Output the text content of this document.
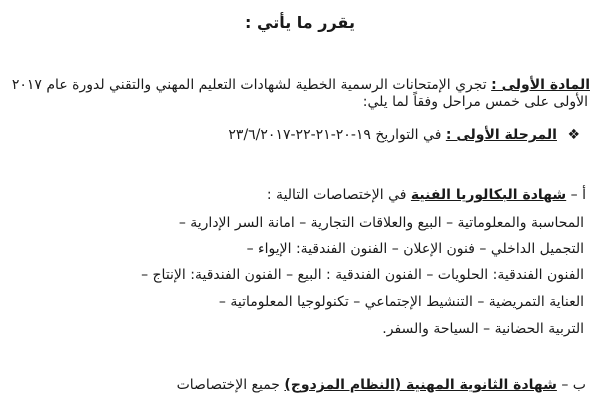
يقرر ما يأتي :
المادة الأولى : تجري الإمتحانات الرسمية الخطية لشهادات التعليم المهني والتقني لدورة عام ٢٠١٧
الأولى على خمس مراحل وفقاً لما يلي:
❖ المرحلة الأولى : في التواريخ ١٩-٢٠-٢١-٢٢-٢٣/٦/٢٠١٧
أ – شهادة البكالوريا الفنية في الإختصاصات التالية :
المحاسبة والمعلوماتية – البيع والعلاقات التجارية – امانة السر الإدارية –
التجميل الداخلي – فنون الإعلان – الفنون الفندقية: الإيواء –
الفنون الفندقية: الحلويات – الفنون الفندقية : البيع – الفنون الفندقية: الإنتاج –
العناية التمريضية – التنشيط الإجتماعي – تكنولوجيا المعلوماتية –
التربية الحضانية – السياحة والسفر.
ب – شهادة الثانوية المهنية (النظام المزدوج) جميع الإختصاصات
